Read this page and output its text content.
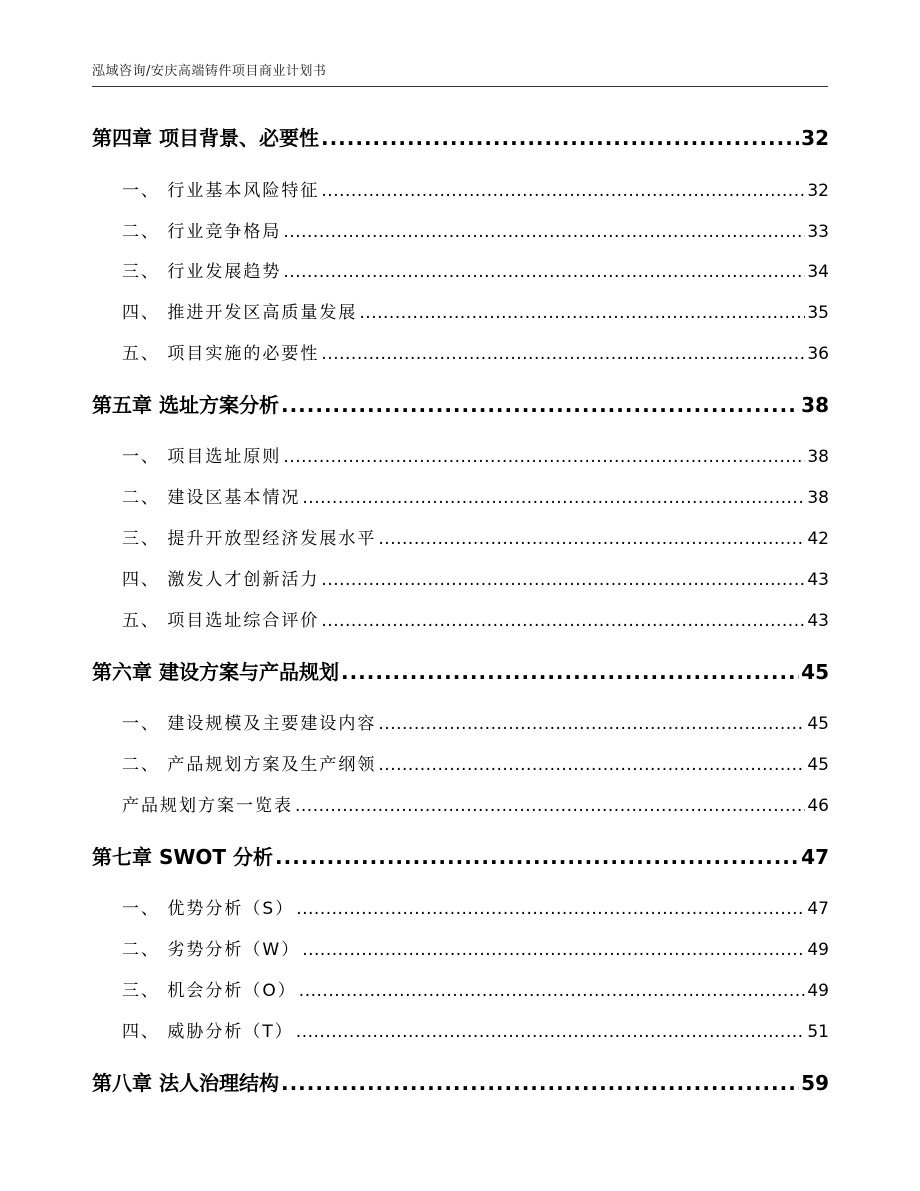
泓域咨询/安庆高端铸件项目商业计划书
第四章 项目背景、必要性 .....	32
一、 行业基本风险特征 .....	32
二、 行业竞争格局 .....	33
三、 行业发展趋势 .....	34
四、 推进开发区高质量发展 .....	35
五、 项目实施的必要性 .....	36
第五章 选址方案分析 .....	38
一、 项目选址原则 .....	38
二、 建设区基本情况 .....	38
三、 提升开放型经济发展水平 .....	42
四、 激发人才创新活力 .....	43
五、 项目选址综合评价 .....	43
第六章 建设方案与产品规划 .....	45
一、 建设规模及主要建设内容 .....	45
二、 产品规划方案及生产纲领 .....	45
产品规划方案一览表 .....	46
第七章 SWOT 分析 .....	47
一、 优势分析（S） .....	47
二、 劣势分析（W） .....	49
三、 机会分析（O） .....	49
四、 威胁分析（T） .....	51
第八章 法人治理结构 .....	59
